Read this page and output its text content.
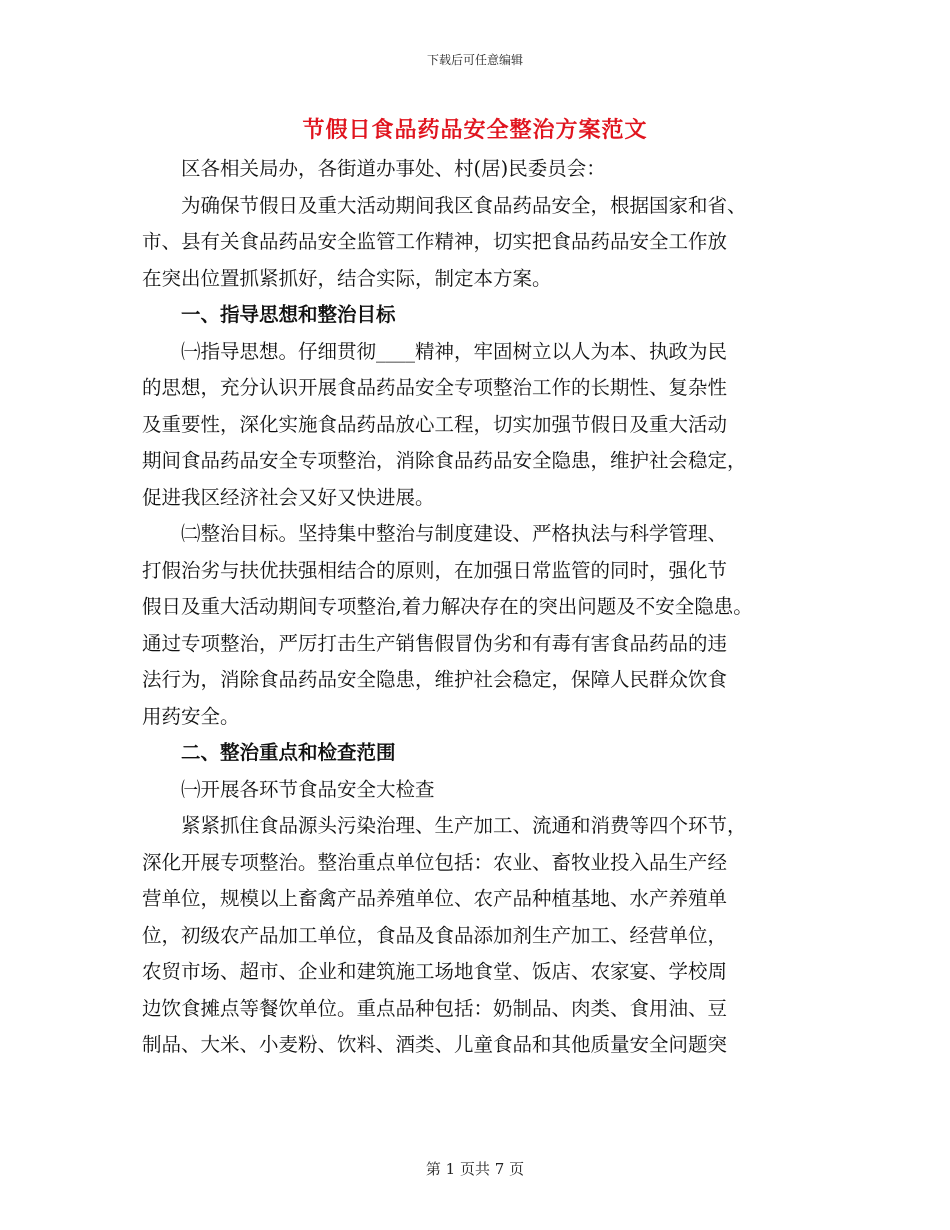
下载后可任意编辑
节假日食品药品安全整治方案范文
区各相关局办，各街道办事处、村(居)民委员会：
为确保节假日及重大活动期间我区食品药品安全，根据国家和省、
市、县有关食品药品安全监管工作精神，切实把食品药品安全工作放
在突出位置抓紧抓好，结合实际，制定本方案。
一、指导思想和整治目标
㈠指导思想。仔细贯彻____精神，牢固树立以人为本、执政为民
的思想，充分认识开展食品药品安全专项整治工作的长期性、复杂性
及重要性，深化实施食品药品放心工程，切实加强节假日及重大活动
期间食品药品安全专项整治，消除食品药品安全隐患，维护社会稳定，
促进我区经济社会又好又快进展。
㈡整治目标。坚持集中整治与制度建设、严格执法与科学管理、
打假治劣与扶优扶强相结合的原则，在加强日常监管的同时，强化节
假日及重大活动期间专项整治,着力解决存在的突出问题及不安全隐患。
通过专项整治，严厉打击生产销售假冒伪劣和有毒有害食品药品的违
法行为，消除食品药品安全隐患，维护社会稳定，保障人民群众饮食
用药安全。
二、整治重点和检查范围
㈠开展各环节食品安全大检查
紧紧抓住食品源头污染治理、生产加工、流通和消费等四个环节，
深化开展专项整治。整治重点单位包括：农业、畜牧业投入品生产经
营单位，规模以上畜禽产品养殖单位、农产品种植基地、水产养殖单
位，初级农产品加工单位，食品及食品添加剂生产加工、经营单位，
农贸市场、超市、企业和建筑施工场地食堂、饭店、农家宴、学校周
边饮食摊点等餐饮单位。重点品种包括：奶制品、肉类、食用油、豆
制品、大米、小麦粉、饮料、酒类、儿童食品和其他质量安全问题突
第 1 页共 7 页
